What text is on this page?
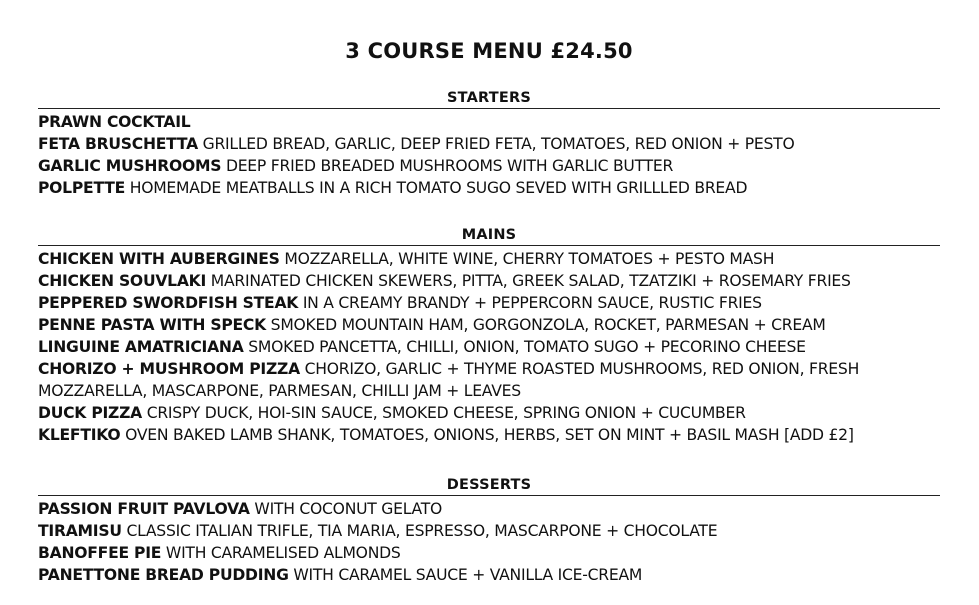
3 COURSE MENU £24.50
STARTERS
PRAWN COCKTAIL
FETA BRUSCHETTA GRILLED BREAD, GARLIC, DEEP FRIED FETA, TOMATOES, RED ONION + PESTO
GARLIC MUSHROOMS DEEP FRIED BREADED MUSHROOMS WITH GARLIC BUTTER
POLPETTE HOMEMADE MEATBALLS IN A RICH TOMATO SUGO SEVED WITH GRILLLED BREAD
MAINS
CHICKEN WITH AUBERGINES MOZZARELLA, WHITE WINE, CHERRY TOMATOES + PESTO MASH
CHICKEN SOUVLAKI MARINATED CHICKEN SKEWERS, PITTA, GREEK SALAD, TZATZIKI + ROSEMARY FRIES
PEPPERED SWORDFISH STEAK IN A CREAMY BRANDY + PEPPERCORN SAUCE, RUSTIC FRIES
PENNE PASTA WITH SPECK SMOKED MOUNTAIN HAM, GORGONZOLA, ROCKET, PARMESAN + CREAM
LINGUINE AMATRICIANA SMOKED PANCETTA, CHILLI, ONION, TOMATO SUGO + PECORINO CHEESE
CHORIZO + MUSHROOM PIZZA CHORIZO, GARLIC + THYME ROASTED MUSHROOMS, RED ONION, FRESH MOZZARELLA, MASCARPONE, PARMESAN, CHILLI JAM + LEAVES
DUCK PIZZA CRISPY DUCK, HOI-SIN SAUCE, SMOKED CHEESE, SPRING ONION + CUCUMBER
KLEFTIKO OVEN BAKED LAMB SHANK, TOMATOES, ONIONS, HERBS, SET ON MINT + BASIL MASH [ADD £2]
DESSERTS
PASSION FRUIT PAVLOVA WITH COCONUT GELATO
TIRAMISU CLASSIC ITALIAN TRIFLE, TIA MARIA, ESPRESSO, MASCARPONE + CHOCOLATE
BANOFFEE PIE WITH CARAMELISED ALMONDS
PANETTONE BREAD PUDDING WITH CARAMEL SAUCE + VANILLA ICE-CREAM
